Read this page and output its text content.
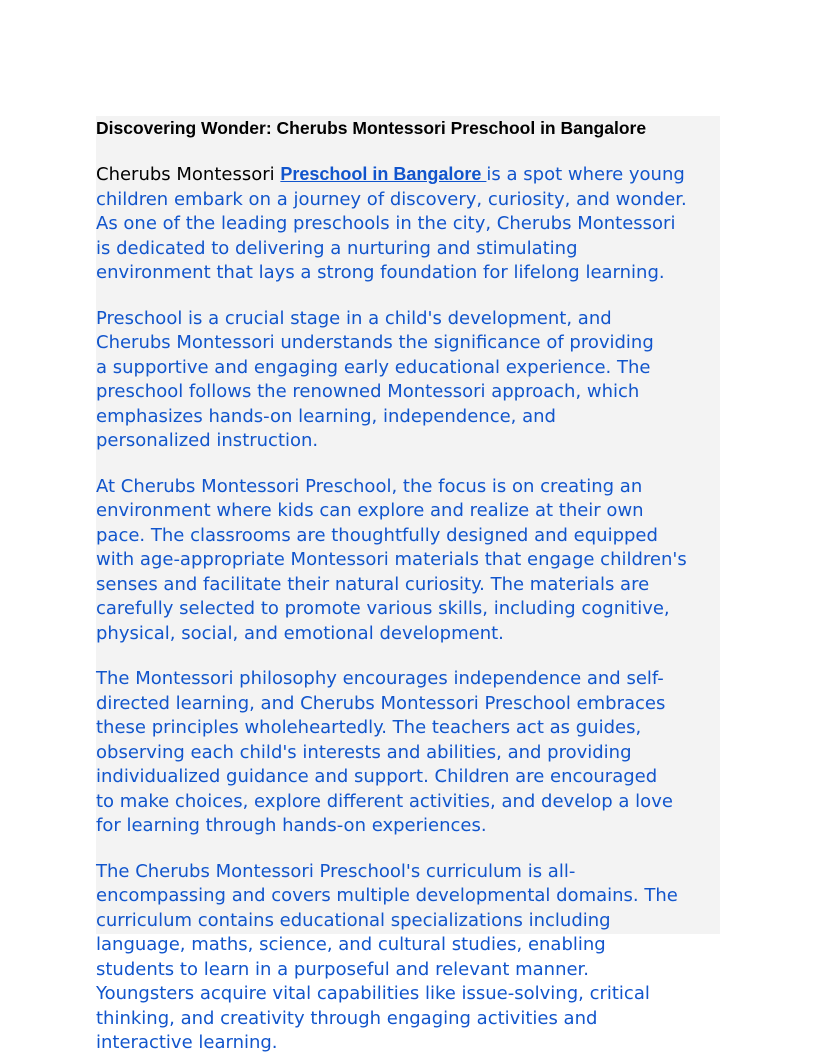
Discovering Wonder: Cherubs Montessori Preschool in Bangalore

Cherubs Montessori Preschool in Bangalore is a spot where young
children embark on a journey of discovery, curiosity, and wonder.
As one of the leading preschools in the city, Cherubs Montessori
is dedicated to delivering a nurturing and stimulating
environment that lays a strong foundation for lifelong learning.

Preschool is a crucial stage in a child's development, and
Cherubs Montessori understands the significance of providing
a supportive and engaging early educational experience. The
preschool follows the renowned Montessori approach, which
emphasizes hands-on learning, independence, and
personalized instruction.

At Cherubs Montessori Preschool, the focus is on creating an
environment where kids can explore and realize at their own
pace. The classrooms are thoughtfully designed and equipped
with age-appropriate Montessori materials that engage children's
senses and facilitate their natural curiosity. The materials are
carefully selected to promote various skills, including cognitive,
physical, social, and emotional development.

The Montessori philosophy encourages independence and self-
directed learning, and Cherubs Montessori Preschool embraces
these principles wholeheartedly. The teachers act as guides,
observing each child's interests and abilities, and providing
individualized guidance and support. Children are encouraged
to make choices, explore different activities, and develop a love
for learning through hands-on experiences.

The Cherubs Montessori Preschool's curriculum is all-
encompassing and covers multiple developmental domains. The
curriculum contains educational specializations including
language, maths, science, and cultural studies, enabling
students to learn in a purposeful and relevant manner.
Youngsters acquire vital capabilities like issue-solving, critical
thinking, and creativity through engaging activities and
interactive learning.
